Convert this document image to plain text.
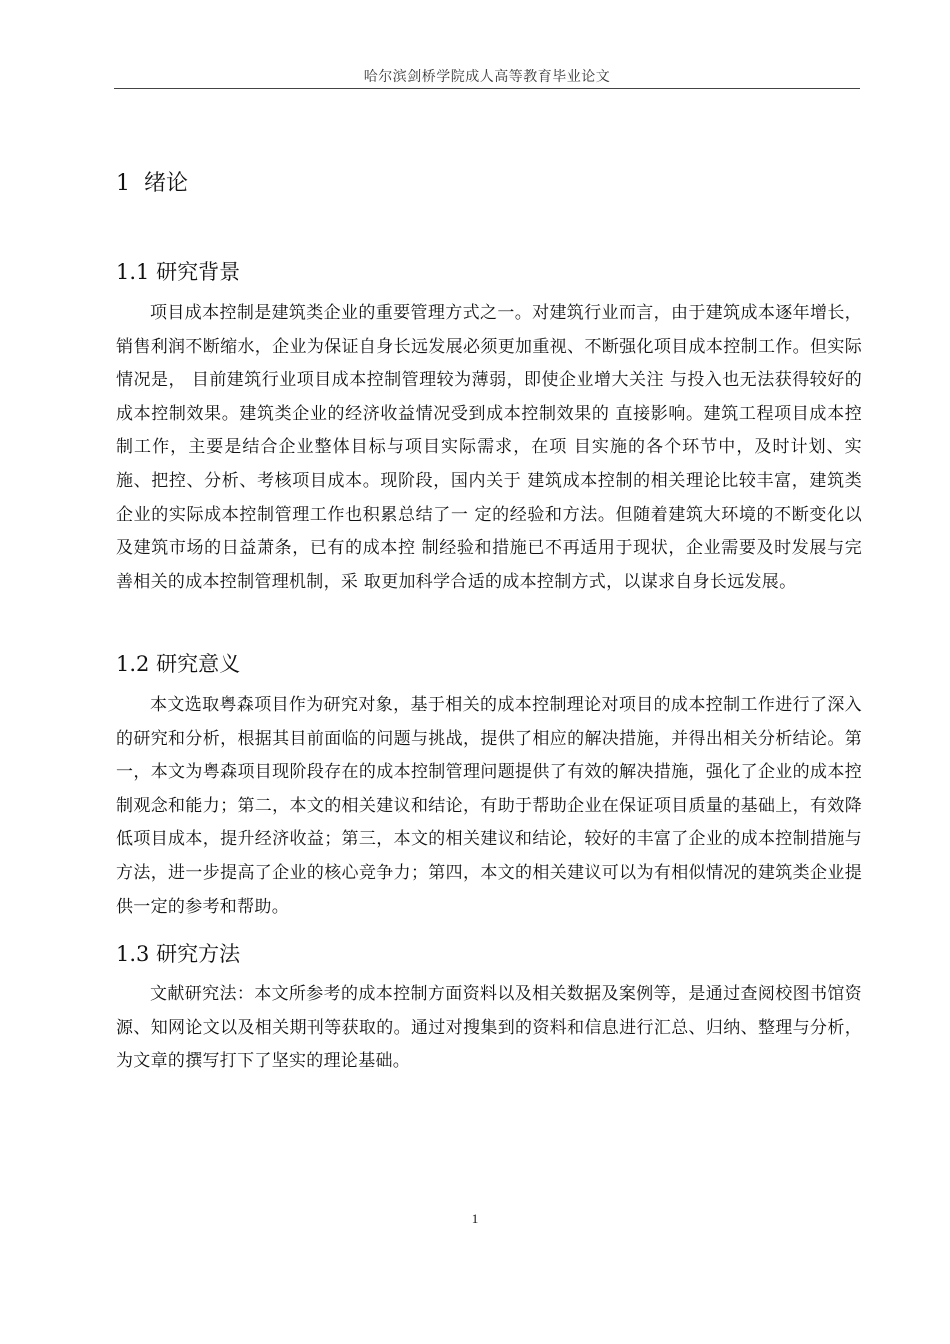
哈尔滨剑桥学院成人高等教育毕业论文
1 绪论
1.1 研究背景

项目成本控制是建筑类企业的重要管理方式之一。对建筑行业而言，由于建筑成本逐年增长，销售利润不断缩水，企业为保证自身长远发展必须更加重视、不断强化项目成本控制工作。但实际情况是， 目前建筑行业项目成本控制管理较为薄弱，即使企业增大关注 与投入也无法获得较好的成本控制效果。建筑类企业的经济收益情况受到成本控制效果的 直接影响。建筑工程项目成本控制工作，主要是结合企业整体目标与项目实际需求，在项 目实施的各个环节中，及时计划、实施、把控、分析、考核项目成本。现阶段，国内关于 建筑成本控制的相关理论比较丰富，建筑类企业的实际成本控制管理工作也积累总结了一 定的经验和方法。但随着建筑大环境的不断变化以及建筑市场的日益萧条，已有的成本控 制经验和措施已不再适用于现状，企业需要及时发展与完善相关的成本控制管理机制，采 取更加科学合适的成本控制方式，以谋求自身长远发展。

1.2 研究意义

本文选取粤森项目作为研究对象，基于相关的成本控制理论对项目的成本控制工作进行了深入的研究和分析，根据其目前面临的问题与挑战，提供了相应的解决措施，并得出相关分析结论。第一，本文为粤森项目现阶段存在的成本控制管理问题提供了有效的解决措施，强化了企业的成本控制观念和能力；第二，本文的相关建议和结论，有助于帮助企业在保证项目质量的基础上，有效降低项目成本，提升经济收益；第三，本文的相关建议和结论，较好的丰富了企业的成本控制措施与方法，进一步提高了企业的核心竞争力；第四，本文的相关建议可以为有相似情况的建筑类企业提供一定的参考和帮助。

1.3 研究方法

文献研究法：本文所参考的成本控制方面资料以及相关数据及案例等，是通过查阅校图书馆资源、知网论文以及相关期刊等获取的。通过对搜集到的资料和信息进行汇总、归纳、整理与分析，为文章的撰写打下了坚实的理论基础。

1
